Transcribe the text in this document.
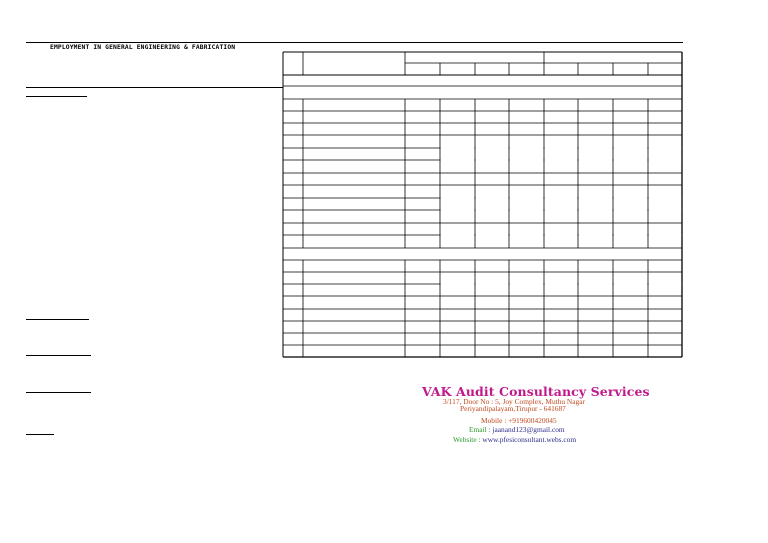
EMPLOYMENT IN GENERAL ENGINEERING & FABRICATION
VAK Audit Consultancy Services
3/117, Door No : 5, Joy Complex, Muthu Nagar
Periyandipalayam,Tirupur - 641687
Mobile : +919600420045
Email : jaanand123@gmail.com
Website : www.pfesiconsultant.webs.com
